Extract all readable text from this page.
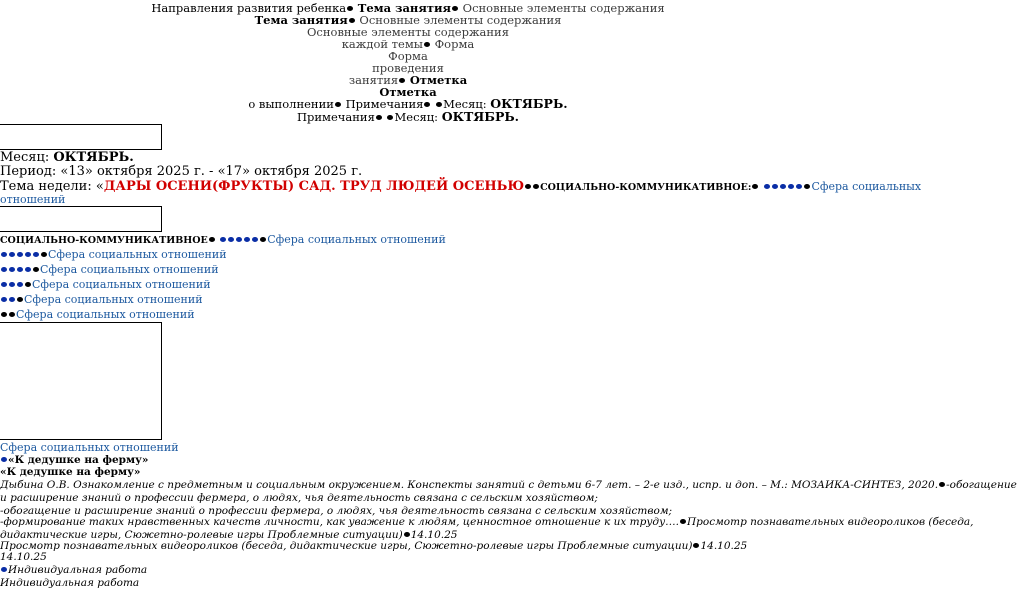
Направления развития ребенка Тема занятия Основные элементы содержания
Тема занятия Основные элементы содержания
Основные элементы содержания
каждой темы Форма
Форма
проведения
занятия Отметка
Отметка
о выполнении Примечания Месяц: ОКТЯБРЬ.
Примечания Месяц: ОКТЯБРЬ.
Месяц: ОКТЯБРЬ.
Период: «13» октября 2025 г. - «17» октября 2025 г.
Тема недели: «ДАРЫ ОСЕНИ(ФРУКТЫ) САД. ТРУД ЛЮДЕЙ ОСЕНЬЮ СОЦИАЛЬНО-КОММУНИКАТИВНОЕ:	Сфера социальных
отношений
СОЦИАЛЬНО-КОММУНИКАТИВНОЕ	Сфера социальных отношений
Сфера социальных отношений
Сфера социальных отношений
Сфера социальных отношений
Сфера социальных отношений
Сфера социальных отношений
Сфера социальных отношений
«К дедушке на ферму»
«К дедушке на ферму»
Дыбина О.В. Ознакомление с предметным и социальным окружением. Конспекты занятий с детьми 6-7 лет. – 2-е изд., испр. и доп. – М.: МОЗАИКА-СИНТЕЗ, 2020. -обогащение
и расширение знаний о профессии фермера, о людях, чья деятельность связана с сельским хозяйством;
-обогащение и расширение знаний о профессии фермера, о людях, чья деятельность связана с сельским хозяйством;
-формирование таких нравственных качеств личности, как уважение к людям, ценностное отношение к их труду…. Просмотр познавательных видеороликов (беседа,
дидактические игры, Сюжетно-ролевые игры Проблемные ситуации) 14.10.25
Просмотр познавательных видеороликов (беседа, дидактические игры, Сюжетно-ролевые игры Проблемные ситуации) 14.10.25
14.10.25
Индивидуальная работа
Индивидуальная работа
